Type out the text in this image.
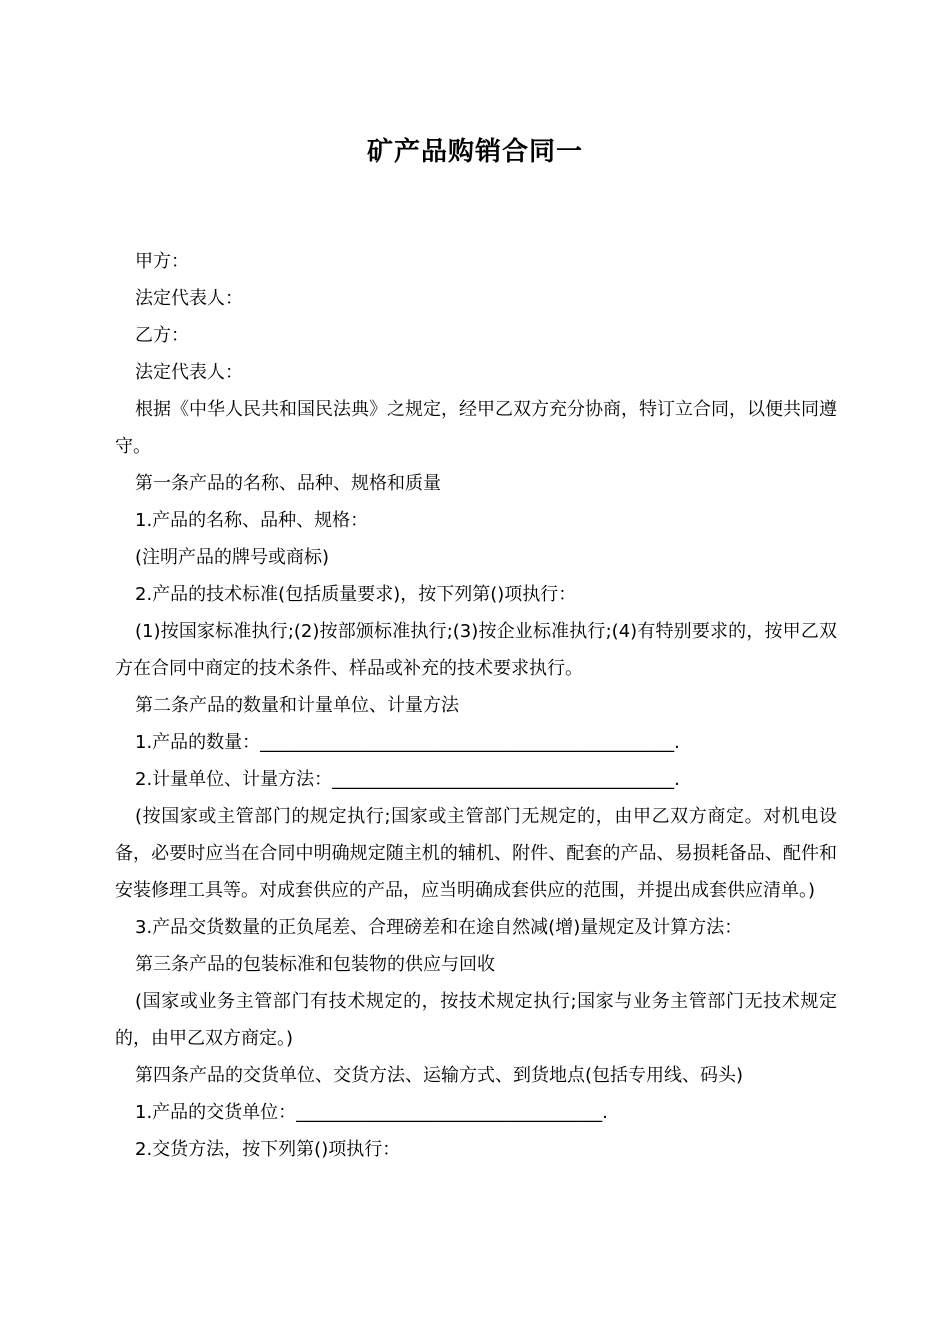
矿产品购销合同一

甲方：

法定代表人：

乙方：

法定代表人：

根据《中华人民共和国民法典》之规定，经甲乙双方充分协商，特订立合同，以便共同遵守。

第一条产品的名称、品种、规格和质量

1.产品的名称、品种、规格：

(注明产品的牌号或商标)

2.产品的技术标准(包括质量要求)，按下列第()项执行：

(1)按国家标准执行;(2)按部颁标准执行;(3)按企业标准执行;(4)有特别要求的，按甲乙双方在合同中商定的技术条件、样品或补充的技术要求执行。

第二条产品的数量和计量单位、计量方法

1.产品的数量：______________________________________________.

2.计量单位、计量方法：______________________________________.

(按国家或主管部门的规定执行;国家或主管部门无规定的，由甲乙双方商定。对机电设备，必要时应当在合同中明确规定随主机的辅机、附件、配套的产品、易损耗备品、配件和安装修理工具等。对成套供应的产品，应当明确成套供应的范围，并提出成套供应清单。)

3.产品交货数量的正负尾差、合理磅差和在途自然减(增)量规定及计算方法：

第三条产品的包装标准和包装物的供应与回收

(国家或业务主管部门有技术规定的，按技术规定执行;国家与业务主管部门无技术规定的，由甲乙双方商定。)

第四条产品的交货单位、交货方法、运输方式、到货地点(包括专用线、码头)

1.产品的交货单位：__________________________________.

2.交货方法，按下列第()项执行：
